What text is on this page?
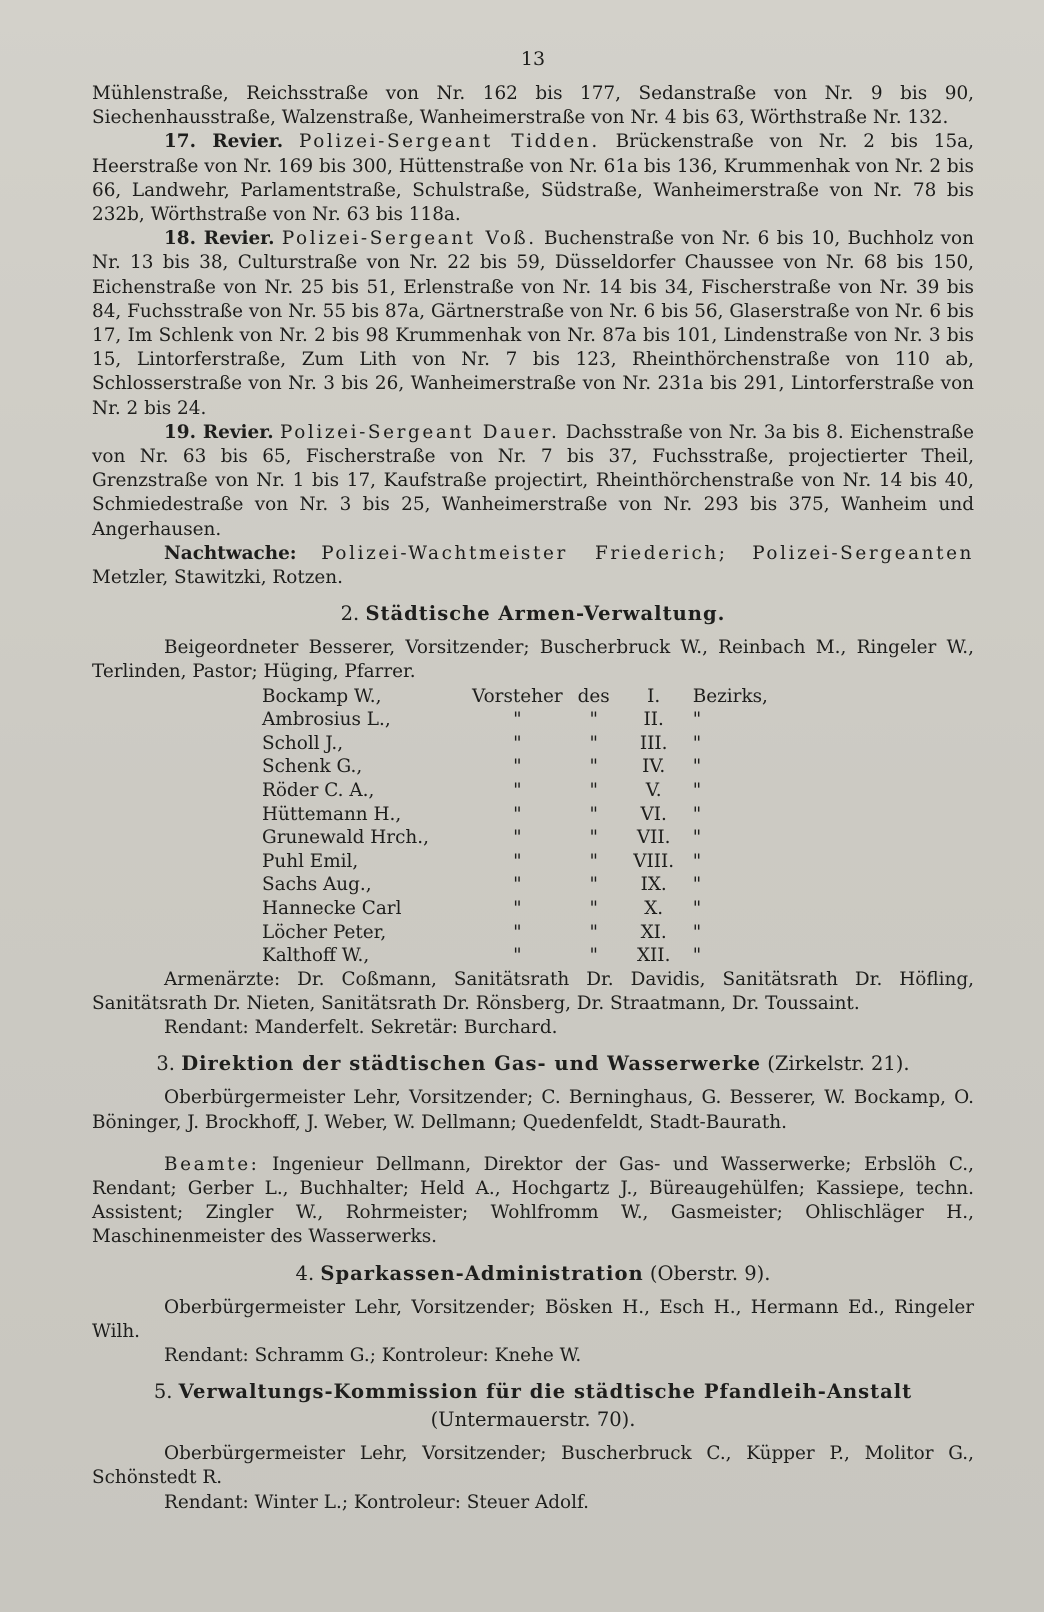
13

Mühlenstraße, Reichsstraße von Nr. 162 bis 177, Sedanstraße von Nr. 9 bis 90, Siechenhausstraße, Walzenstraße, Wanheimerstraße von Nr. 4 bis 63, Wörthstraße Nr. 132.

17. Revier. Polizei-Sergeant Tidden. Brückenstraße von Nr. 2 bis 15a, Heerstraße von Nr. 169 bis 300, Hüttenstraße von Nr. 61a bis 136, Krummenhak von Nr. 2 bis 66, Landwehr, Parlamentstraße, Schulstraße, Südstraße, Wanheimerstraße von Nr. 78 bis 232b, Wörthstraße von Nr. 63 bis 118a.

18. Revier. Polizei-Sergeant Voß. Buchenstraße von Nr. 6 bis 10, Buchholz von Nr. 13 bis 38, Culturstraße von Nr. 22 bis 59, Düsseldorfer Chaussee von Nr. 68 bis 150, Eichenstraße von Nr. 25 bis 51, Erlenstraße von Nr. 14 bis 34, Fischerstraße von Nr. 39 bis 84, Fuchsstraße von Nr. 55 bis 87a, Gärtnerstraße von Nr. 6 bis 56, Glaserstraße von Nr. 6 bis 17, Im Schlenk von Nr. 2 bis 98 Krummenhak von Nr. 87a bis 101, Lindenstraße von Nr. 3 bis 15, Lintorferstraße, Zum Lith von Nr. 7 bis 123, Rheinthörchenstraße von 110 ab, Schlosserstraße von Nr. 3 bis 26, Wanheimerstraße von Nr. 231a bis 291, Lintorferstraße von Nr. 2 bis 24.

19. Revier. Polizei-Sergeant Dauer. Dachsstraße von Nr. 3a bis 8. Eichenstraße von Nr. 63 bis 65, Fischerstraße von Nr. 7 bis 37, Fuchsstraße, projectierter Theil, Grenzstraße von Nr. 1 bis 17, Kaufstraße projectirt, Rheinthörchenstraße von Nr. 14 bis 40, Schmiedestraße von Nr. 3 bis 25, Wanheimerstraße von Nr. 293 bis 375, Wanheim und Angerhausen.

Nachtwache: Polizei-Wachtmeister Friederich; Polizei-Sergeanten Metzler, Stawitzki, Rotzen.

2. Städtische Armen-Verwaltung.

Beigeordneter Besserer, Vorsitzender; Buscherbruck W., Reinbach M., Ringeler W., Terlinden, Pastor; Hüging, Pfarrer.

Bockamp W.,	Vorsteher	des	I.	Bezirks,
Ambrosius L.,	"	"	II.	"
Scholl J.,	"	"	III.	"
Schenk G.,	"	"	IV.	"
Röder C. A.,	"	"	V.	"
Hüttemann H.,	"	"	VI.	"
Grunewald Hrch.,	"	"	VII.	"
Puhl Emil,	"	"	VIII.	"
Sachs Aug.,	"	"	IX.	"
Hannecke Carl	"	"	X.	"
Löcher Peter,	"	"	XI.	"
Kalthoff W.,	"	"	XII.	"

Armenärzte: Dr. Coßmann, Sanitätsrath Dr. Davidis, Sanitätsrath Dr. Höfling, Sanitätsrath Dr. Nieten, Sanitätsrath Dr. Rönsberg, Dr. Straatmann, Dr. Toussaint.

Rendant: Manderfelt. Sekretär: Burchard.

3. Direktion der städtischen Gas- und Wasserwerke (Zirkelstr. 21).

Oberbürgermeister Lehr, Vorsitzender; C. Berninghaus, G. Besserer, W. Bockamp, O. Böninger, J. Brockhoff, J. Weber, W. Dellmann; Quedenfeldt, Stadt-Baurath.

Beamte: Ingenieur Dellmann, Direktor der Gas- und Wasserwerke; Erbslöh C., Rendant; Gerber L., Buchhalter; Held A., Hochgartz J., Büreaugehülfen; Kassiepe, techn. Assistent; Zingler W., Rohrmeister; Wohlfromm W., Gasmeister; Ohlischläger H., Maschinenmeister des Wasserwerks.

4. Sparkassen-Administration (Oberstr. 9).

Oberbürgermeister Lehr, Vorsitzender; Bösken H., Esch H., Hermann Ed., Ringeler Wilh.

Rendant: Schramm G.; Kontroleur: Knehe W.

5. Verwaltungs-Kommission für die städtische Pfandleih-Anstalt
(Untermauerstr. 70).

Oberbürgermeister Lehr, Vorsitzender; Buscherbruck C., Küpper P., Molitor G., Schönstedt R.

Rendant: Winter L.; Kontroleur: Steuer Adolf.
